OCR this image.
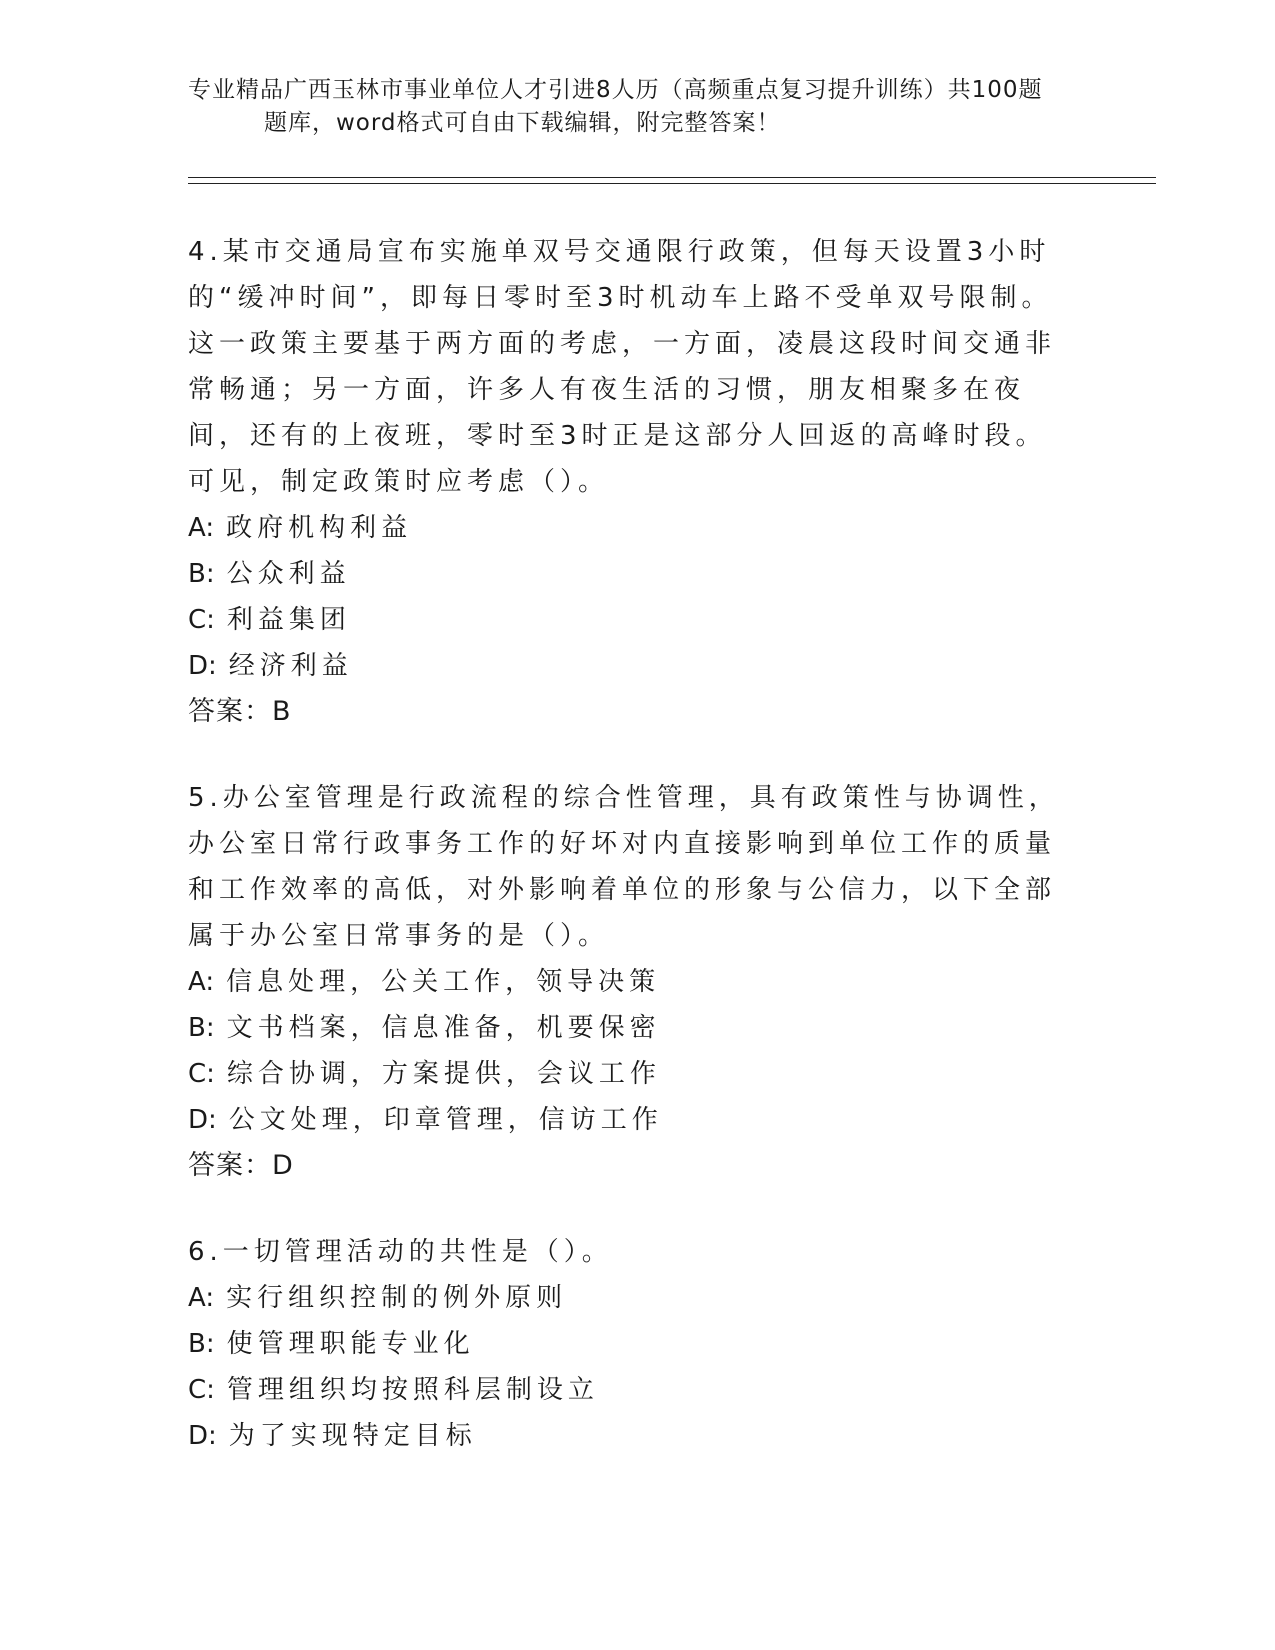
专业精品广西玉林市事业单位人才引进8人历（高频重点复习提升训练）共100题
题库，word格式可自由下载编辑，附完整答案！

4.某市交通局宣布实施单双号交通限行政策，但每天设置3小时的“缓冲时间”，即每日零时至3时机动车上路不受单双号限制。这一政策主要基于两方面的考虑，一方面，凌晨这段时间交通非常畅通；另一方面，许多人有夜生活的习惯，朋友相聚多在夜间，还有的上夜班，零时至3时正是这部分人回返的高峰时段。可见，制定政策时应考虑（）。

A: 政府机构利益

B: 公众利益

C: 利益集团

D: 经济利益

答案：B

5.办公室管理是行政流程的综合性管理，具有政策性与协调性，办公室日常行政事务工作的好坏对内直接影响到单位工作的质量和工作效率的高低，对外影响着单位的形象与公信力，以下全部属于办公室日常事务的是（）。

A: 信息处理，公关工作，领导决策

B: 文书档案，信息准备，机要保密

C: 综合协调，方案提供，会议工作

D: 公文处理，印章管理，信访工作

答案：D

6.一切管理活动的共性是（）。

A: 实行组织控制的例外原则

B: 使管理职能专业化

C: 管理组织均按照科层制设立

D: 为了实现特定目标
